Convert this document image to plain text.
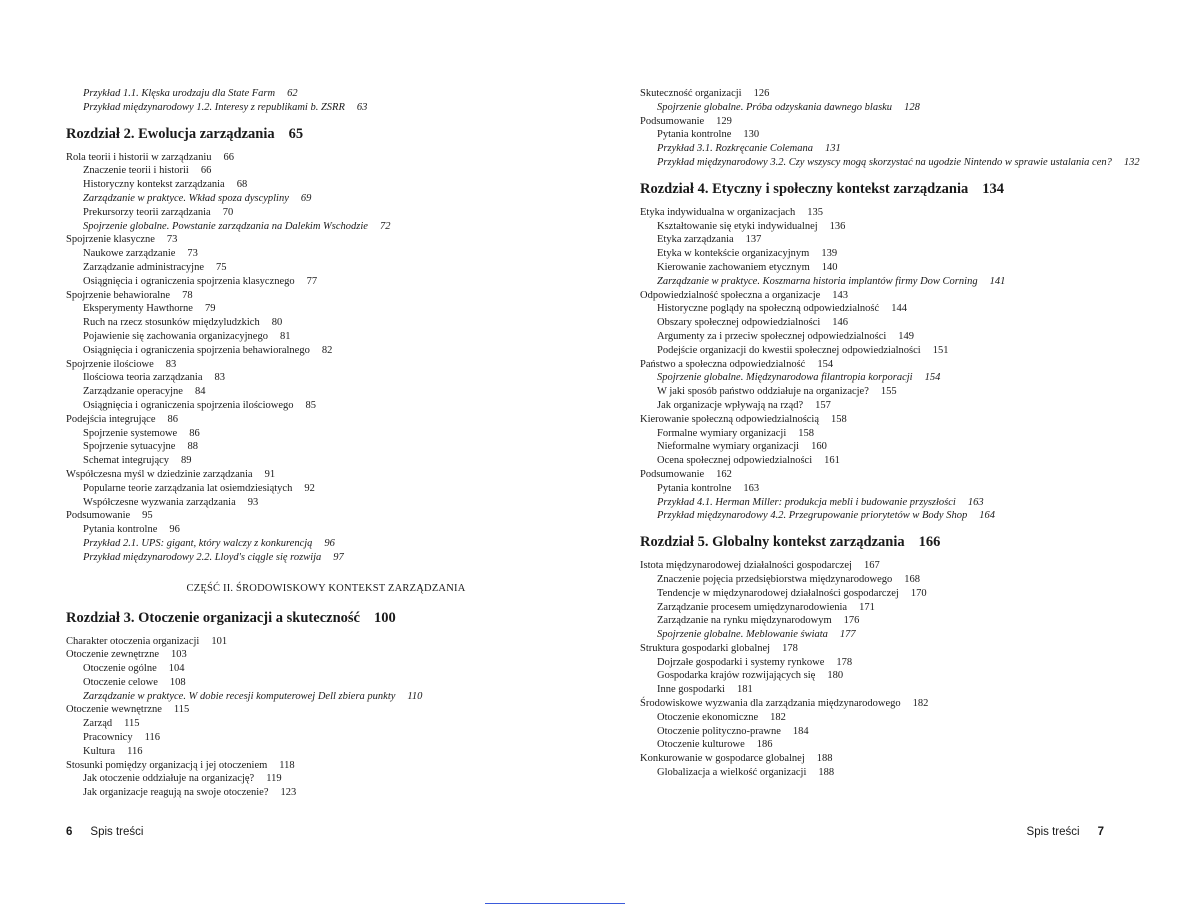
Przykład 1.1. Klęska urodzaju dla State Farm 62
Przykład międzynarodowy 1.2. Interesy z republikami b. ZSRR 63
Rozdział 2. Ewolucja zarządzania 65
Rola teorii i historii w zarządzaniu 66
Znaczenie teorii i historii 66
Historyczny kontekst zarządzania 68
Zarządzanie w praktyce. Wkład spoza dyscypliny 69
Prekursorzy teorii zarządzania 70
Spojrzenie globalne. Powstanie zarządzania na Dalekim Wschodzie 72
Spojrzenie klasyczne 73
Naukowe zarządzanie 73
Zarządzanie administracyjne 75
Osiągnięcia i ograniczenia spojrzenia klasycznego 77
Spojrzenie behawioralne 78
Eksperymenty Hawthorne 79
Ruch na rzecz stosunków międzyludzkich 80
Pojawienie się zachowania organizacyjnego 81
Osiągnięcia i ograniczenia spojrzenia behawioralnego 82
Spojrzenie ilościowe 83
Ilościowa teoria zarządzania 83
Zarządzanie operacyjne 84
Osiągnięcia i ograniczenia spojrzenia ilościowego 85
Podejścia integrujące 86
Spojrzenie systemowe 86
Spojrzenie sytuacyjne 88
Schemat integrujący 89
Współczesna myśl w dziedzinie zarządzania 91
Popularne teorie zarządzania lat osiemdziesiątych 92
Współczesne wyzwania zarządzania 93
Podsumowanie 95
Pytania kontrolne 96
Przykład 2.1. UPS: gigant, który walczy z konkurencją 96
Przykład międzynarodowy 2.2. Lloyd's ciągle się rozwija 97
CZĘŚĆ II. ŚRODOWISKOWY KONTEKST ZARZĄDZANIA
Rozdział 3. Otoczenie organizacji a skuteczność 100
Charakter otoczenia organizacji 101
Otoczenie zewnętrzne 103
Otoczenie ogólne 104
Otoczenie celowe 108
Zarządzanie w praktyce. W dobie recesji komputerowej Dell zbiera punkty 110
Otoczenie wewnętrzne 115
Zarząd 115
Pracownicy 116
Kultura 116
Stosunki pomiędzy organizacją i jej otoczeniem 118
Jak otoczenie oddziałuje na organizację? 119
Jak organizacje reagują na swoje otoczenie? 123
6 Spis treści
Skuteczność organizacji 126
Spojrzenie globalne. Próba odzyskania dawnego blasku 128
Podsumowanie 129
Pytania kontrolne 130
Przykład 3.1. Rozkręcanie Colemana 131
Przykład międzynarodowy 3.2. Czy wszyscy mogą skorzystać na ugodzie Nintendo w sprawie ustalania cen? 132
Rozdział 4. Etyczny i społeczny kontekst zarządzania 134
Etyka indywidualna w organizacjach 135
Kształtowanie się etyki indywidualnej 136
Etyka zarządzania 137
Etyka w kontekście organizacyjnym 139
Kierowanie zachowaniem etycznym 140
Zarządzanie w praktyce. Koszmarna historia implantów firmy Dow Corning 141
Odpowiedzialność społeczna a organizacje 143
Historyczne poglądy na społeczną odpowiedzialność 144
Obszary społecznej odpowiedzialności 146
Argumenty za i przeciw społecznej odpowiedzialności 149
Podejście organizacji do kwestii społecznej odpowiedzialności 151
Państwo a społeczna odpowiedzialność 154
Spojrzenie globalne. Międzynarodowa filantropia korporacji 154
W jaki sposób państwo oddziałuje na organizacje? 155
Jak organizacje wpływają na rząd? 157
Kierowanie społeczną odpowiedzialnością 158
Formalne wymiary organizacji 158
Nieformalne wymiary organizacji 160
Ocena społecznej odpowiedzialności 161
Podsumowanie 162
Pytania kontrolne 163
Przykład 4.1. Herman Miller: produkcja mebli i budowanie przyszłości 163
Przykład międzynarodowy 4.2. Przegrupowanie priorytetów w Body Shop 164
Rozdział 5. Globalny kontekst zarządzania 166
Istota międzynarodowej działalności gospodarczej 167
Znaczenie pojęcia przedsiębiorstwa międzynarodowego 168
Tendencje w międzynarodowej działalności gospodarczej 170
Zarządzanie procesem umiędzynarodowienia 171
Zarządzanie na rynku międzynarodowym 176
Spojrzenie globalne. Meblowanie świata 177
Struktura gospodarki globalnej 178
Dojrzałe gospodarki i systemy rynkowe 178
Gospodarka krajów rozwijających się 180
Inne gospodarki 181
Środowiskowe wyzwania dla zarządzania międzynarodowego 182
Otoczenie ekonomiczne 182
Otoczenie polityczno-prawne 184
Otoczenie kulturowe 186
Konkurowanie w gospodarce globalnej 188
Globalizacja a wielkość organizacji 188
Spis treści 7
